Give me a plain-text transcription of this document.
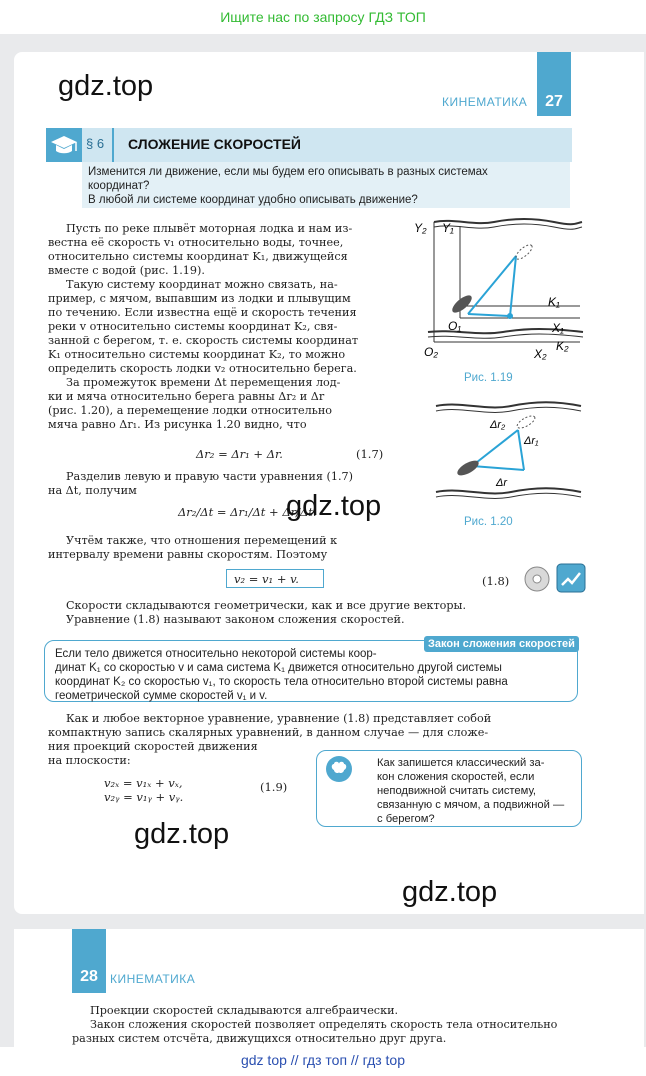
Ищите нас по запросу ГДЗ ТОП
gdz.top	КИНЕМАТИКА	27
§ 6 СЛОЖЕНИЕ СКОРОСТЕЙ
Изменится ли движение, если мы будем его описывать в разных системах
координат?
В любой ли системе координат удобно описывать движение?
Пусть по реке плывёт моторная лодка и нам из-
вестна её скорость v₁ относительно воды, точнее,
относительно системы координат K₁, движущейся
вместе с водой (рис. 1.19).
Такую систему координат можно связать, на-
пример, с мячом, выпавшим из лодки и плывущим
по течению. Если известна ещё и скорость течения
реки v относительно системы координат K₂, свя-
занной с берегом, т. е. скорость системы координат
K₁ относительно системы координат K₂, то можно
определить скорость лодки v₂ относительно берега.
За промежуток времени Δt перемещения лод-
ки и мяча относительно берега равны Δr₂ и Δr
(рис. 1.20), а перемещение лодки относительно
мяча равно Δr₁. Из рисунка 1.20 видно, что
Δr₂ = Δr₁ + Δr.	(1.7)
Разделив левую и правую части уравнения (1.7)
на Δt, получим
Δr₂/Δt = Δr₁/Δt + Δr/Δt.
gdz.top
Учтём также, что отношения перемещений к
интервалу времени равны скоростям. Поэтому
v₂ = v₁ + v.	(1.8)
Скорости складываются геометрически, как и все другие векторы.
Уравнение (1.8) называют законом сложения скоростей.
Если тело движется относительно некоторой системы коор-
динат K₁ со скоростью v и сама система K₁ движется относительно другой системы
координат K₂ со скоростью v₁, то скорость тела относительно второй системы равна
геометрической сумме скоростей v₁ и v.
Закон сложения скоростей
Как и любое векторное уравнение, уравнение (1.8) представляет собой
компактную запись скалярных уравнений, в данном случае — для сложе-
ния проекций скоростей движения
на плоскости:
v₂ₓ = v₁ₓ + vₓ,
v₂ᵧ = v₁ᵧ + vᵧ.
(1.9)
Как запишется классический за-
кон сложения скоростей, если
неподвижной считать систему,
связанную с мячом, а подвижной —
с берегом?
gdz.top
gdz.top
Y₂ Y₁
K₁
X₁
O₁
O₂	X₂
K₂
Рис. 1.19
Δr₂
Δr₁
Δr
Рис. 1.20
28	КИНЕМАТИКА
Проекции скоростей складываются алгебраически.
Закон сложения скоростей позволяет определять скорость тела относительно
разных систем отсчёта, движущихся относительно друг друга.
gdz top // гдз топ // гдз top
